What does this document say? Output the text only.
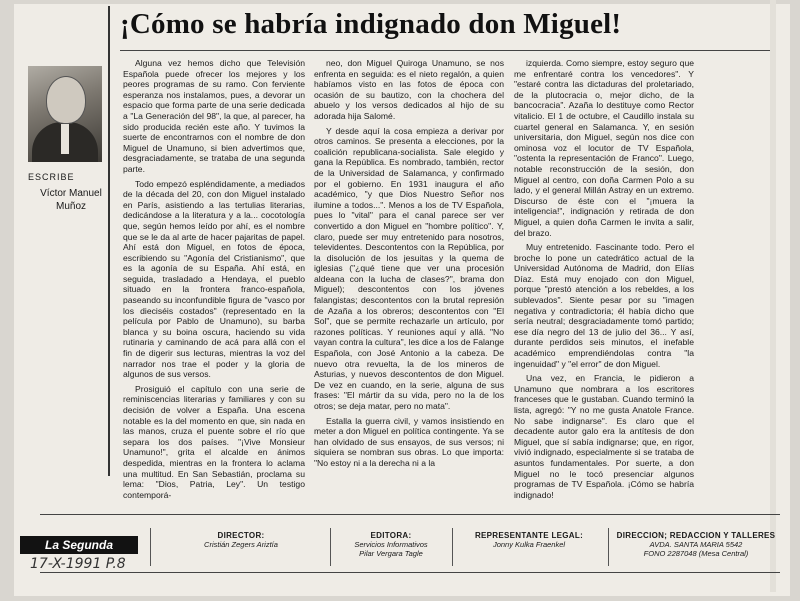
¡Cómo se habría indignado don Miguel!
ESCRIBE
Víctor Manuel Muñoz

Alguna vez hemos dicho que Televisión Española puede ofrecer los mejores y los peores programas de su ramo. Con ferviente esperanza nos instalamos, pues, a devorar un espacio que forma parte de una serie dedicada a "La Generación del 98", la que, al parecer, ha sido producida recién este año. Y tuvimos la suerte de encontrarnos con el nombre de don Miguel de Unamuno, si bien advertimos que, desgraciadamente, se trataba de una segunda parte.

Todo empezó espléndidamente, a mediados de la década del 20, con don Miguel instalado en París, asistiendo a las tertulias literarias, dedicándose a la literatura y a la... cocotología que, según hemos leído por ahí, es el nombre que se le da al arte de hacer pajaritas de papel. Ahí está don Miguel, en fotos de época, escribiendo su "Agonía del Cristianismo", que es la agonía de su España. Ahí está, en seguida, trasladado a Hendaya, el pueblo situado en la frontera franco-española, paseando su inconfundible figura de "vasco por los dieciséis costados" (representado en la película por Pablo de Unamuno), su barba blanca y su boina oscura, haciendo su vida rutinaria y caminando de acá para allá con el fin de digerir sus lecturas, mientras la voz del narrador nos trae el poder y la gloria de algunos de sus versos.

Prosiguió el capítulo con una serie de reminiscencias literarias y familiares y con su decisión de volver a España. Una escena notable es la del momento en que, sin nada en las manos, cruza el puente sobre el río que separa los dos países. "¡Vive Monsieur Unamuno!", grita el alcalde en ánimos despedida, mientras en la frontera lo aclama una multitud. En San Sebastián, proclama su lema: "Dios, Patria, Ley". Un testigo contemporá-

neo, don Miguel Quiroga Unamuno, se nos enfrenta en seguida: es el nieto regalón, a quien habíamos visto en las fotos de época con ocasión de su bautizo, con la chochera del abuelo y los versos dedicados al hijo de su adorada hija Salomé.

Y desde aquí la cosa empieza a derivar por otros caminos. Se presenta a elecciones, por la coalición republicana-socialista. Sale elegido y gana la República. Es nombrado, también, rector de la Universidad de Salamanca, y confirmado por el gobierno. En 1931 inaugura el año académico, "y que Dios Nuestro Señor nos ilumine a todos...". Menos a los de TV Española, pues lo "vital" para el canal parece ser ver convertido a don Miguel en "hombre político". Y, claro, puede ser muy entretenido para nosotros, televidentes. Descontentos con la República, por la disolución de los jesuitas y la quema de iglesias ("¿qué tiene que ver una procesión aldeana con la lucha de clases?", brama don Miguel); descontentos con los jóvenes falangistas; descontentos con la brutal represión de Azaña a los obreros; descontentos con "El Sol", que se permite rechazarle un artículo, por razones políticas. Y reuniones aquí y allá. "No vayan contra la cultura", les dice a los de Falange Española, con José Antonio a la cabeza. De nuevo otra revuelta, la de los mineros de Asturias, y nuevos descontentos de don Miguel. De vez en cuando, en la serie, alguna de sus frases: "El mártir da su vida, pero no la de los otros; se deja matar, pero no mata".

Estalla la guerra civil, y vamos insistiendo en meter a don Miguel en política contingente. Ya se han olvidado de sus ensayos, de sus versos; ni siquiera se nombran sus obras. Lo que importa: "No estoy ni a la derecha ni a la

izquierda. Como siempre, estoy seguro que me enfrentaré contra los vencedores". Y "estaré contra las dictaduras del proletariado, de la plutocracia o, mejor dicho, de la bancocracia". Azaña lo destituye como Rector vitalicio. El 1 de octubre, el Caudillo instala su cuartel general en Salamanca. Y, en sesión universitaria, don Miguel, según nos dice con ominosa voz el locutor de TV Española, "ostenta la representación de Franco". Luego, notable reconstrucción de la sesión, don Miguel al centro, con doña Carmen Polo a su lado, y el general Millán Astray en un extremo. Discurso de éste con el "¡muera la inteligencia!", indignación y retirada de don Miguel, a quien doña Carmen le invita a salir, del brazo.

Muy entretenido. Fascinante todo. Pero el broche lo pone un catedrático actual de la Universidad Autónoma de Madrid, don Elías Díaz. Está muy enojado con don Miguel, porque "prestó atención a los rebeldes, a los sublevados". Siente pesar por su "imagen negativa y contradictoria; él había dicho que sería neutral; desgraciadamente tomó partido; ese día negro del 13 de julio del 36... Y así, durante perdidos seis minutos, el inefable académico emprendiéndolas contra "la ingenuidad" y "el error" de don Miguel.

Una vez, en Francia, le pidieron a Unamuno que nombrara a los escritores franceses que le gustaban. Cuando terminó la lista, agregó: "Y no me gusta Anatole France. No sabe indignarse". Es claro que el decadente autor galo era la antítesis de don Miguel, que sí sabía indignarse; que, en rigor, vivió indignado, especialmente si se trataba de asuntos fundamentales. Por suerte, a don Miguel no le tocó presenciar algunos programas de TV Española. ¡Cómo se habría indignado!

La Segunda
17-X-1991 P.8
DIRECTOR:
Cristián Zegers Ariztía
EDITORA:
Servicios Informativos
Pilar Vergara Tagle
REPRESENTANTE LEGAL:
Jonny Kulka Fraenkel
DIRECCION; REDACCION Y TALLERES
AVDA. SANTA MARIA 5542
FONO 2287048 (Mesa Central)
